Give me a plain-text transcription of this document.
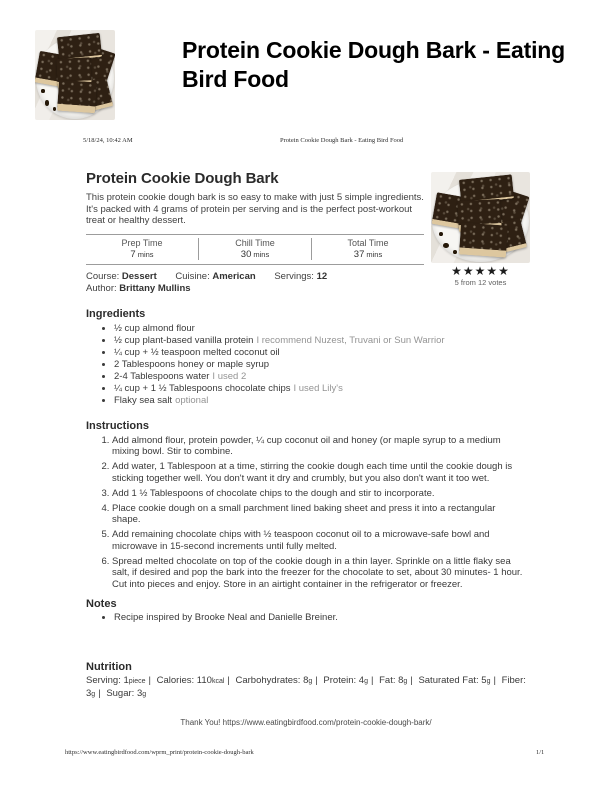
Protein Cookie Dough Bark - Eating Bird Food
5/18/24, 10:42 AM	Protein Cookie Dough Bark - Eating Bird Food
★★★★★
5 from 12 votes
Protein Cookie Dough Bark

This protein cookie dough bark is so easy to make with just 5 simple ingredients. It's packed with 4 grams of protein per serving and is the perfect post-workout treat or healthy dessert.

Prep Time
7 mins
Chill Time
30 mins
Total Time
37 mins
Course: Dessert Cuisine: American Servings: 12
Author: Brittany Mullins
Ingredients
• ½ cup almond flour
• ½ cup plant-based vanilla protein I recommend Nuzest, Truvani or Sun Warrior
• ¼ cup + ½ teaspoon melted coconut oil
• 2 Tablespoons honey or maple syrup
• 2-4 Tablespoons water I used 2
• ¼ cup + 1 ½ Tablespoons chocolate chips I used Lily's
• Flaky sea salt optional
Instructions
1. Add almond flour, protein powder, ¼ cup coconut oil and honey (or maple syrup to a medium mixing bowl. Stir to combine.
2. Add water, 1 Tablespoon at a time, stirring the cookie dough each time until the cookie dough is sticking together well. You don't want it dry and crumbly, but you also don't want it too wet.
3. Add 1 ½ Tablespoons of chocolate chips to the dough and stir to incorporate.
4. Place cookie dough on a small parchment lined baking sheet and press it into a rectangular shape.
5. Add remaining chocolate chips with ½ teaspoon coconut oil to a microwave-safe bowl and microwave in 15-second increments until fully melted.
6. Spread melted chocolate on top of the cookie dough in a thin layer. Sprinkle on a little flaky sea salt, if desired and pop the bark into the freezer for the chocolate to set, about 30 minutes- 1 hour. Cut into pieces and enjoy. Store in an airtight container in the refrigerator or freezer.
Notes
• Recipe inspired by Brooke Neal and Danielle Breiner.
Nutrition
Serving: 1piece | Calories: 110kcal | Carbohydrates: 8g | Protein: 4g | Fat: 8g | Saturated Fat: 5g | Fiber: 3g | Sugar: 3g
Thank You! https://www.eatingbirdfood.com/protein-cookie-dough-bark/
https://www.eatingbirdfood.com/wprm_print/protein-cookie-dough-bark	1/1
